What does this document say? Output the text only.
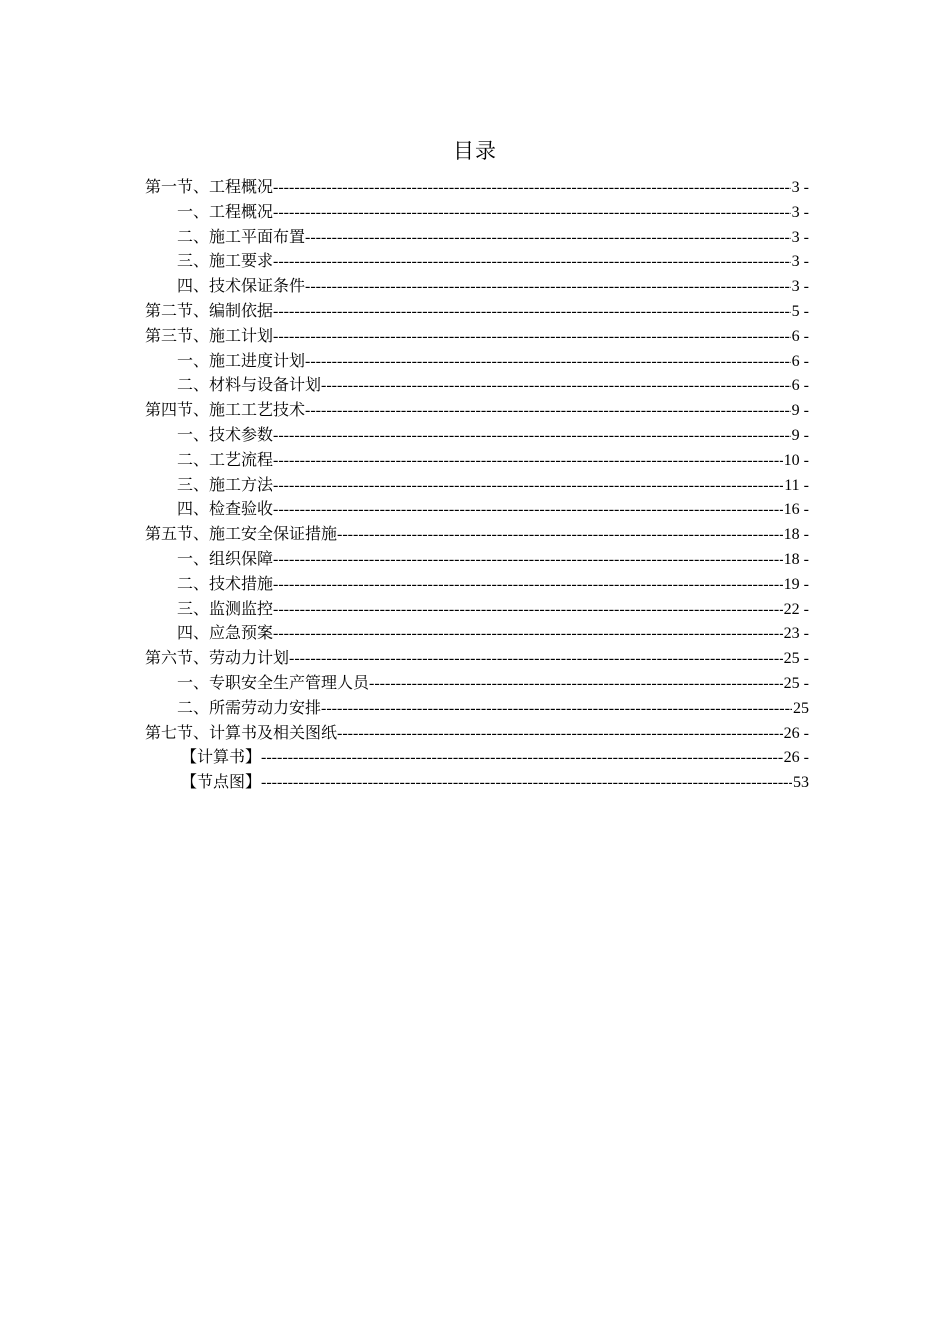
目录
第一节、工程概况 -----	3 -
一、工程概况 -----	3 -
二、施工平面布置 -----	3 -
三、施工要求 -----	3 -
四、技术保证条件 -----	3 -
第二节、编制依据 -----	5 -
第三节、施工计划 -----	6 -
一、施工进度计划 -----	6 -
二、材料与设备计划 -----	6 -
第四节、施工工艺技术 -----	9 -
一、技术参数 -----	9 -
二、工艺流程 -----	10 -
三、施工方法 -----	11 -
四、检查验收 -----	16 -
第五节、施工安全保证措施 -----	18 -
一、组织保障 -----	18 -
二、技术措施 -----	19 -
三、监测监控 -----	22 -
四、应急预案 -----	23 -
第六节、劳动力计划 -----	25 -
一、专职安全生产管理人员 -----	25 -
二、所需劳动力安排 -----	25
第七节、计算书及相关图纸 -----	26 -
【计算书】 -----	26 -
【节点图】 -----	53
